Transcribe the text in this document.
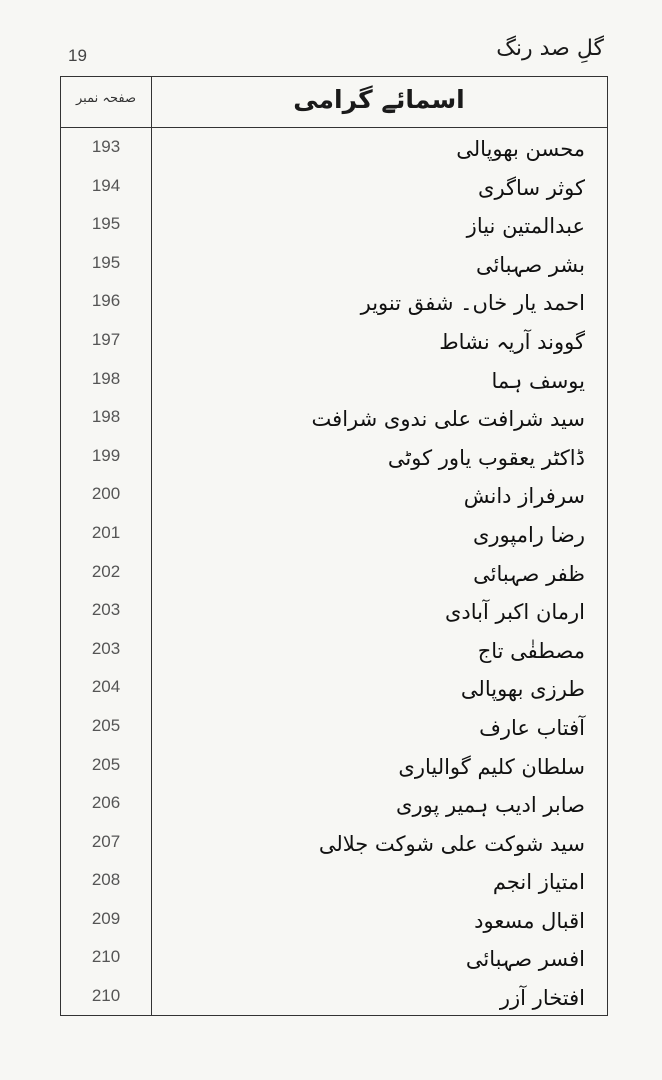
19	گلِ صد رنگ
صفحہ نمبر	اسمائے گرامی
193	محسن بھوپالی
194	کوثر ساگری
195	عبدالمتین نیاز
195	بشر صہبائی
196	احمد یار خاں۔ شفق تنویر
197	گووند آریہ نشاط
198	یوسف ہما
198	سید شرافت علی ندوی شرافت
199	ڈاکٹر یعقوب یاور کوٹی
200	سرفراز دانش
201	رضا رامپوری
202	ظفر صہبائی
203	ارمان اکبر آبادی
203	مصطفٰی تاج
204	طرزی بھوپالی
205	آفتاب عارف
205	سلطان کلیم گوالیاری
206	صابر ادیب ہمیر پوری
207	سید شوکت علی شوکت جلالی
208	امتیاز انجم
209	اقبال مسعود
210	افسر صہبائی
210	افتخار آزر
